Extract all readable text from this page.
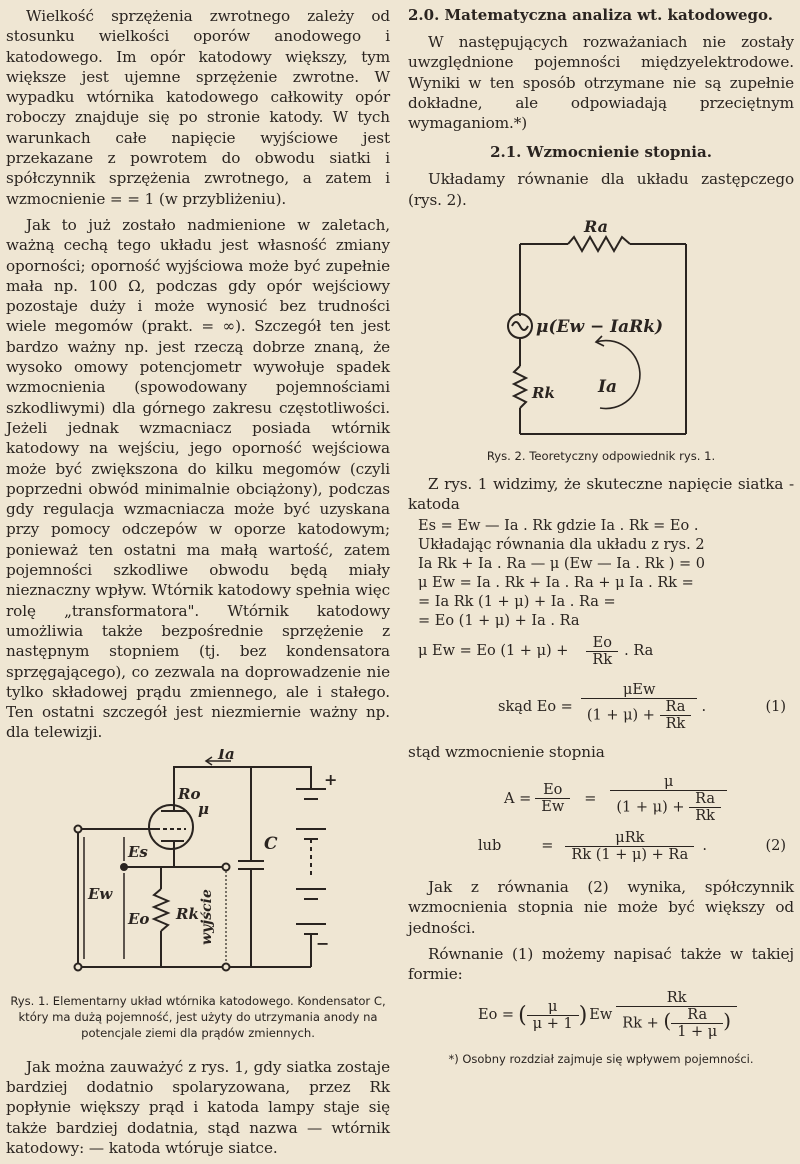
Wielkość sprzężenia zwrotnego zależy od stosunku wielkości oporów anodowego i katodowego. Im opór katodowy większy, tym większe jest ujemne sprzężenie zwrotne. W wypadku wtórnika katodowego całkowity opór roboczy znajduje się po stronie katody. W tych warunkach całe napięcie wyjściowe jest przekazane z powrotem do obwodu siatki i spółczynnik sprzężenia zwrotnego, a zatem i wzmocnienie = = 1 (w przybliżeniu).

Jak to już zostało nadmienione w zaletach, ważną cechą tego układu jest własność zmiany oporności; oporność wyjściowa może być zupełnie mała np. 100 Ω, podczas gdy opór wejściowy pozostaje duży i może wynosić bez trudności wiele megomów (prakt. = ∞). Szczegół ten jest bardzo ważny np. jest rzeczą dobrze znaną, że wysoko omowy potencjometr wywołuje spadek wzmocnienia (spowodowany pojemnościami szkodliwymi) dla górnego zakresu częstotliwości. Jeżeli jednak wzmacniacz posiada wtórnik katodowy na wejściu, jego oporność wejściowa może być zwiększona do kilku megomów (czyli poprzedni obwód minimalnie obciążony), podczas gdy regulacja wzmacniacza może być uzyskana przy pomocy odczepów w oporze katodowym; ponieważ ten ostatni ma małą wartość, zatem pojemności szkodliwe obwodu będą miały nieznaczny wpływ. Wtórnik katodowy spełnia więc rolę „transformatora". Wtórnik katodowy umożliwia także bezpośrednie sprzężenie z następnym stopniem (tj. bez kondensatora sprzęgającego), co zezwala na doprowadzenie nie tylko składowej prądu zmiennego, ale i stałego. Ten ostatni szczegół jest niezmiernie ważny np. dla telewizji.

Ia
Ro
μ
Es
Ew
Eo Rk
C
+
−
wyjście
Rys. 1. Elementarny układ wtórnika katodowego. Kondensator C, który ma dużą pojemność, jest użyty do utrzymania anody na potencjale ziemi dla prądów zmiennych.

Jak można zauważyć z rys. 1, gdy siatka zostaje bardziej dodatnio spolaryzowana, przez Rk popłynie większy prąd i katoda lampy staje się także bardziej dodatnia, stąd nazwa — wtórnik katodowy: — katoda wtóruje siatce.

2.0. Matematyczna analiza wt. katodowego.

W następujących rozważaniach nie zostały uwzględnione pojemności międzyelektrodowe. Wyniki w ten sposób otrzymane nie są zupełnie dokładne, ale odpowiadają przeciętnym wymaganiom.*)

2.1. Wzmocnienie stopnia.

Układamy równanie dla układu zastępczego (rys. 2).

Ra
μ(Ew − IaRk)
Rk	Ia
Rys. 2. Teoretyczny odpowiednik rys. 1.

Z rys. 1 widzimy, że skuteczne napięcie siatka - katoda

Es = Ew — Ia . Rk gdzie Ia . Rk = Eo .
Układając równania dla układu z rys. 2
Ia Rk + Ia . Ra — μ (Ew — Ia . Rk ) = 0
μ Ew = Ia . Rk + Ia . Ra + μ Ia . Rk =
= Ia Rk (1 + μ) + Ia . Ra =
= Eo (1 + μ) + Ia . Ra
μ Ew = Eo $(1 + \mu) + \frac{Eo}{Rk}$ . Ra
skąd $Eo = \frac{\text{μEw}}{(1 + \mu) + \frac{Ra}{Rk}}$ .	(1)

stąd wzmocnienie stopnia

$A = \frac{Eo}{Ew} = \frac{\mu}{(1 + \mu) + \frac{Ra}{Rk}}$
lub	= $\frac{\text{μRk}}{Rk (1 + \mu) + Ra}$ .	(2)

Jak z równania (2) wynika, spółczynnik wzmocnienia stopnia nie może być większy od jedności.

Równanie (1) możemy napisać także w takiej formie:

Eo = ( $\frac{\mu}{\mu + 1}$ ) Ew $\frac{Rk}{Rk + ( \frac{Ra}{1 + \mu} )}$
*) Osobny rozdział zajmuje się wpływem pojemności.
